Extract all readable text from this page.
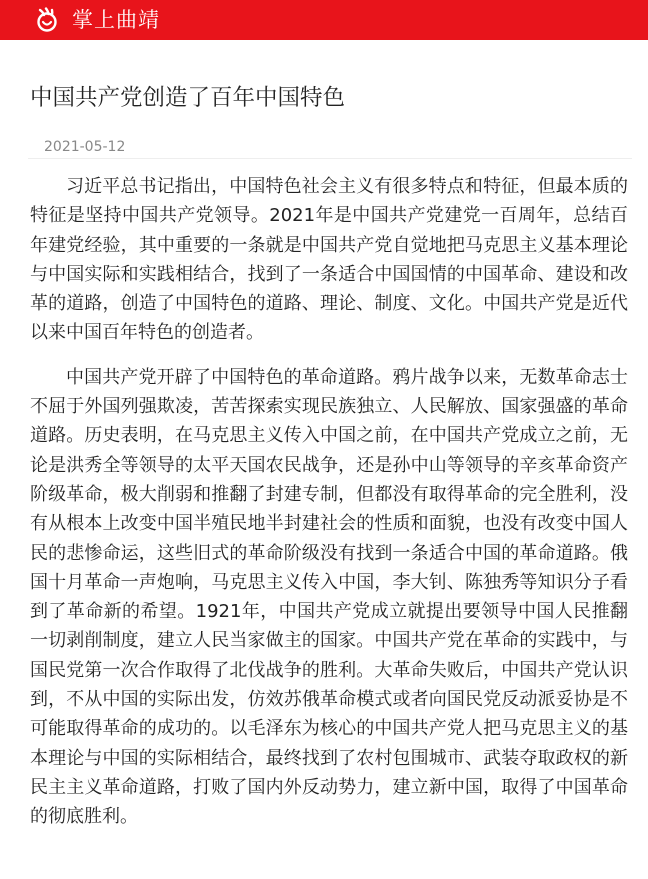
掌上曲靖
中国共产党创造了百年中国特色
2021-05-12

习近平总书记指出，中国特色社会主义有很多特点和特征，但最本质的特征是坚持中国共产党领导。2021年是中国共产党建党一百周年，总结百年建党经验，其中重要的一条就是中国共产党自觉地把马克思主义基本理论与中国实际和实践相结合，找到了一条适合中国国情的中国革命、建设和改革的道路，创造了中国特色的道路、理论、制度、文化。中国共产党是近代以来中国百年特色的创造者。

中国共产党开辟了中国特色的革命道路。鸦片战争以来，无数革命志士不屈于外国列强欺凌，苦苦探索实现民族独立、人民解放、国家强盛的革命道路。历史表明，在马克思主义传入中国之前，在中国共产党成立之前，无论是洪秀全等领导的太平天国农民战争，还是孙中山等领导的辛亥革命资产阶级革命，极大削弱和推翻了封建专制，但都没有取得革命的完全胜利，没有从根本上改变中国半殖民地半封建社会的性质和面貌，也没有改变中国人民的悲惨命运，这些旧式的革命阶级没有找到一条适合中国的革命道路。俄国十月革命一声炮响，马克思主义传入中国，李大钊、陈独秀等知识分子看到了革命新的希望。1921年，中国共产党成立就提出要领导中国人民推翻一切剥削制度，建立人民当家做主的国家。中国共产党在革命的实践中，与国民党第一次合作取得了北伐战争的胜利。大革命失败后，中国共产党认识到，不从中国的实际出发，仿效苏俄革命模式或者向国民党反动派妥协是不可能取得革命的成功的。以毛泽东为核心的中国共产党人把马克思主义的基本理论与中国的实际相结合，最终找到了农村包围城市、武装夺取政权的新民主主义革命道路，打败了国内外反动势力，建立新中国，取得了中国革命的彻底胜利。
